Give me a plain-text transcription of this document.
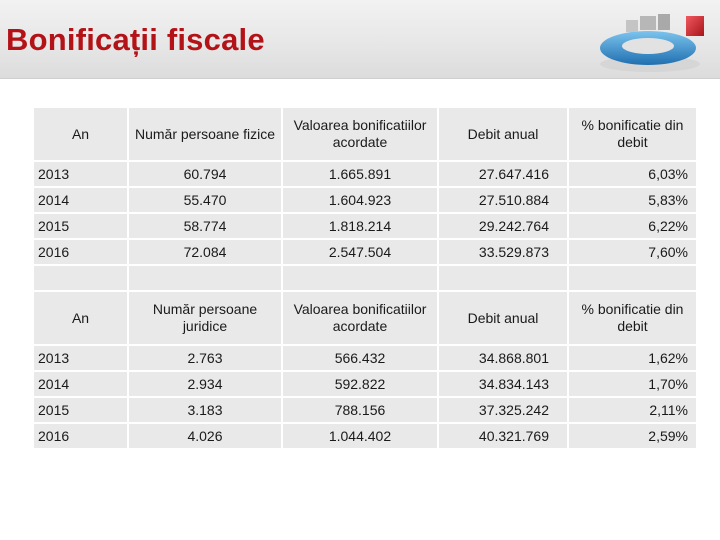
Bonificații fiscale
An	Număr persoane fizice	Valoarea bonificatiilor acordate	Debit anual	% bonificatie din debit
2013	60.794	1.665.891	27.647.416	6,03%
2014	55.470	1.604.923	27.510.884	5,83%
2015	58.774	1.818.214	29.242.764	6,22%
2016	72.084	2.547.504	33.529.873	7,60%

An	Număr persoane juridice	Valoarea bonificatiilor acordate	Debit anual	% bonificatie din debit
2013	2.763	566.432	34.868.801	1,62%
2014	2.934	592.822	34.834.143	1,70%
2015	3.183	788.156	37.325.242	2,11%
2016	4.026	1.044.402	40.321.769	2,59%
